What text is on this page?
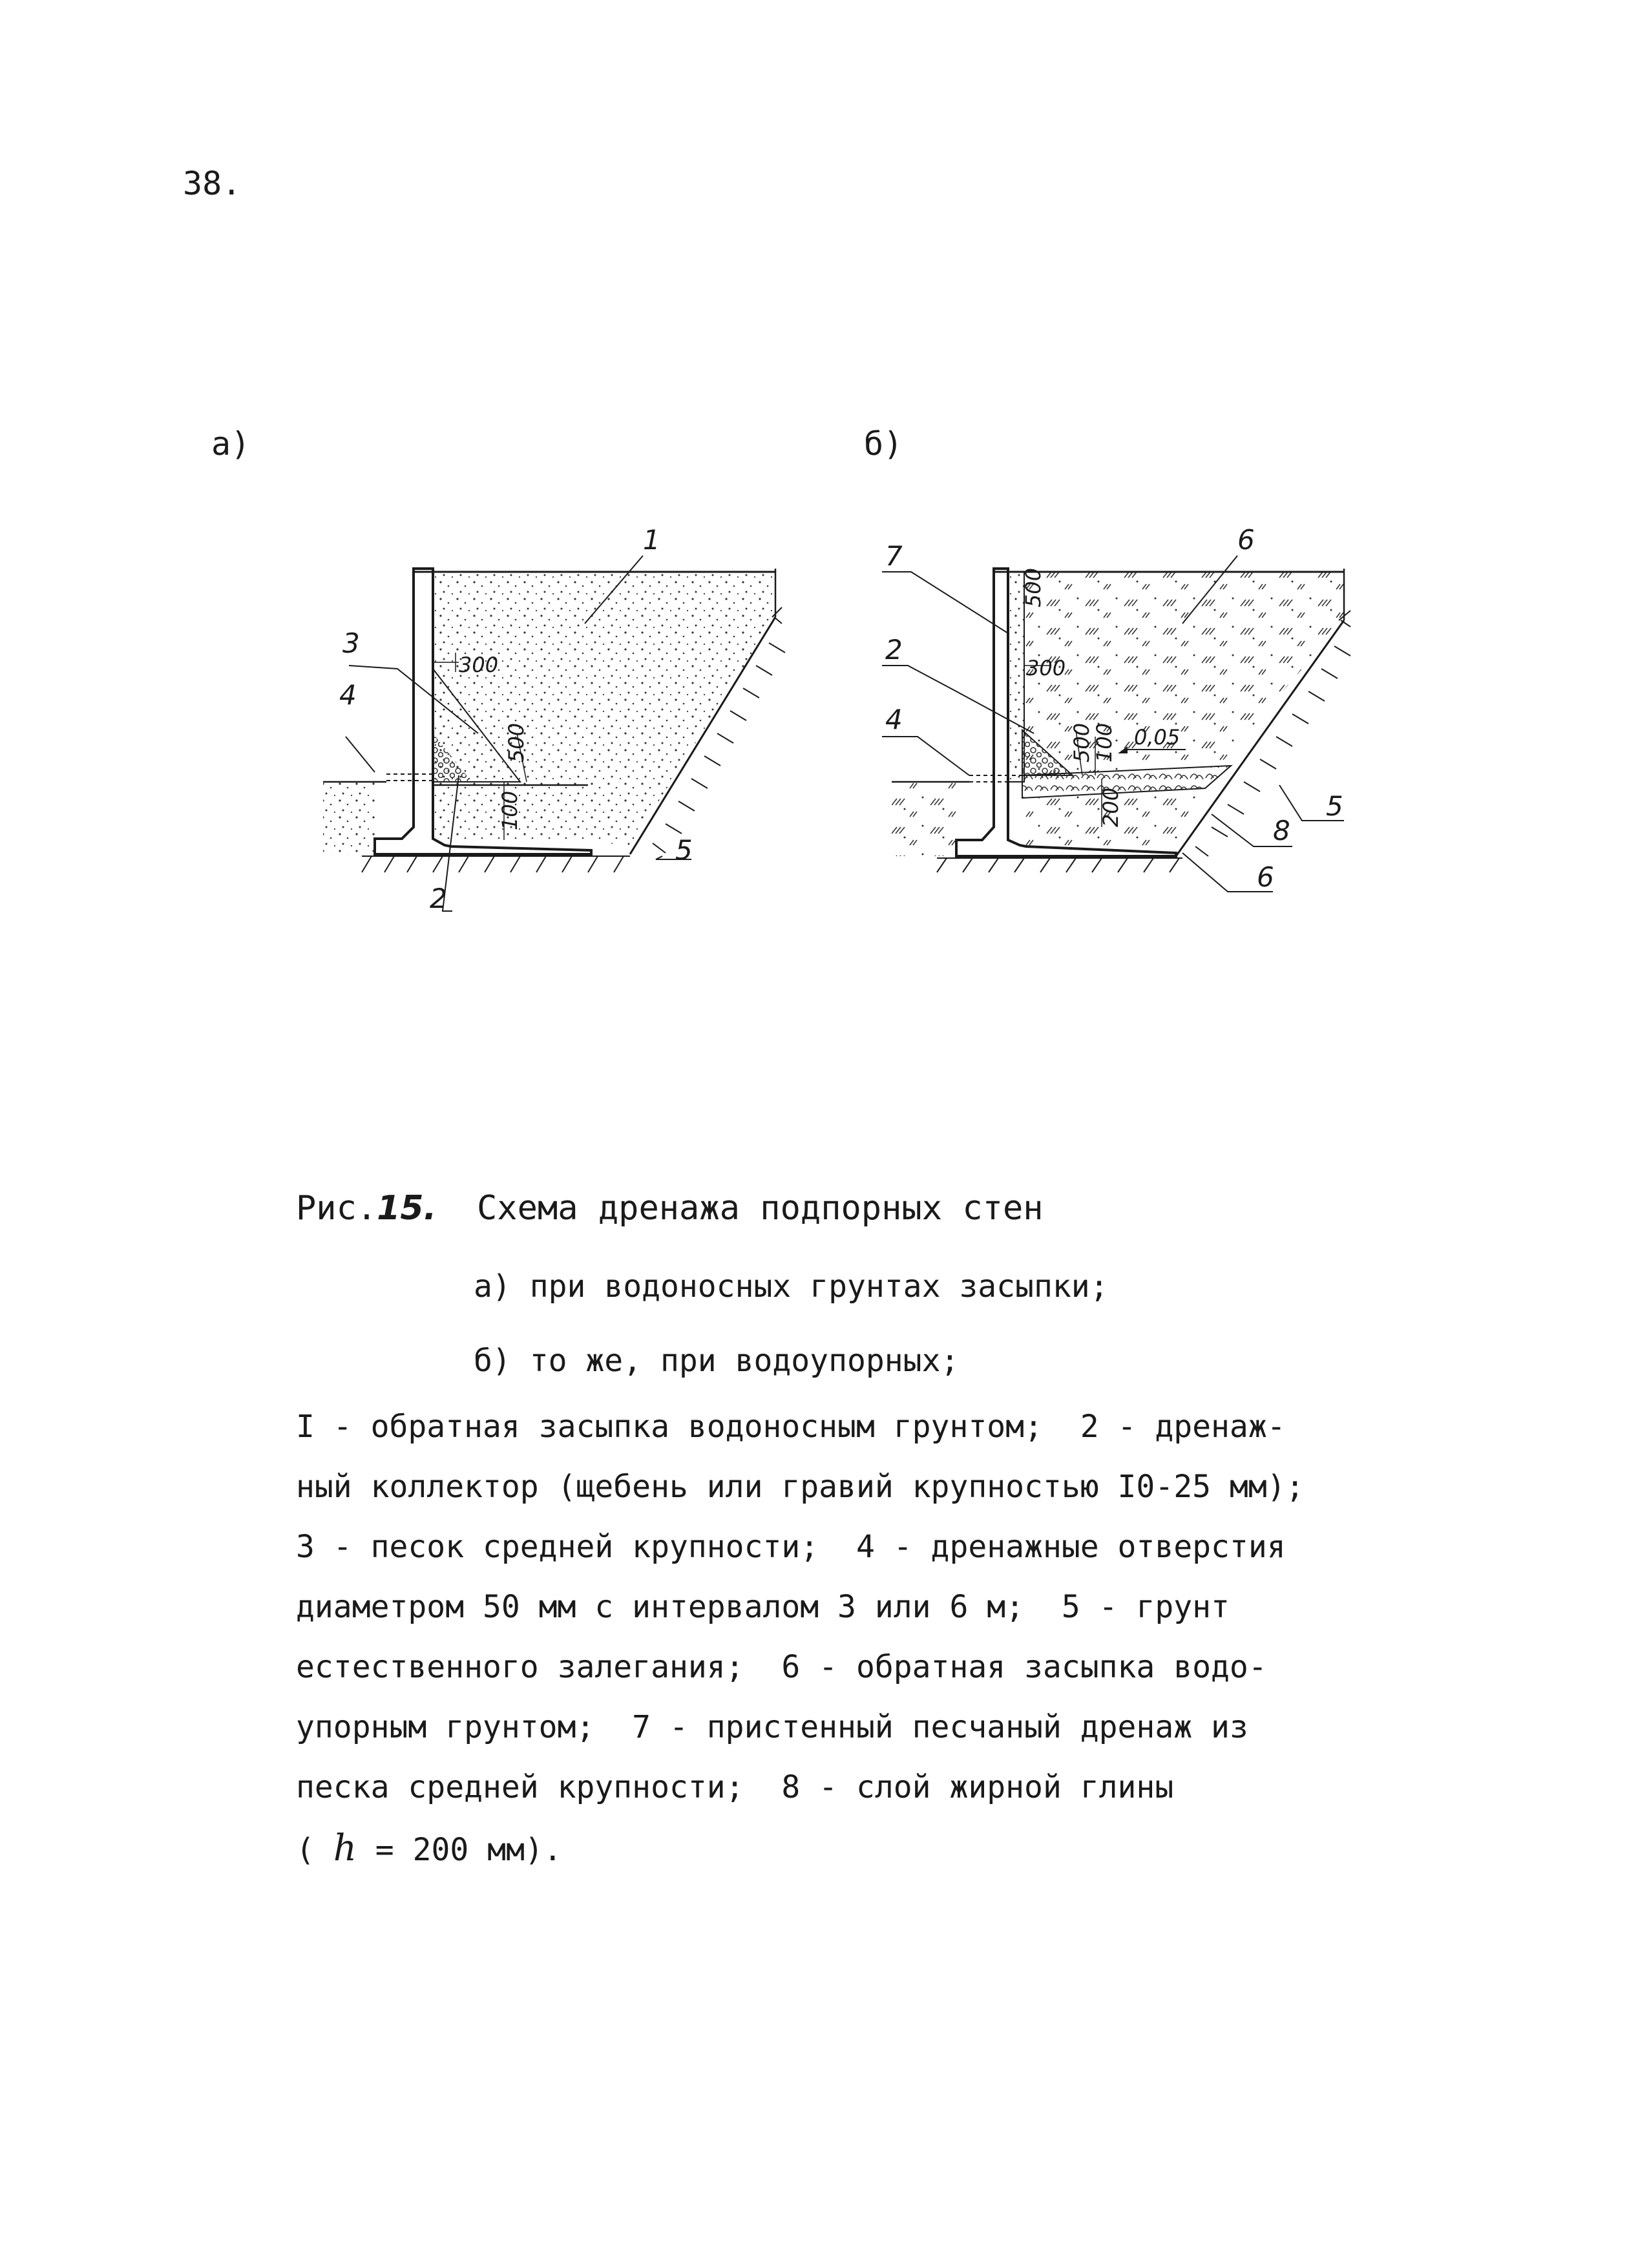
38.
а)	б)
300
500
100
1
3
4
5
2
500
300
500
100
200
0,05
6
7
2
4
5
8
6
Рис.15. Схема дренажа подпорных стен
а) при водоносных грунтах засыпки;
б) то же, при водоупорных;
I - обратная засыпка водоносным грунтом;  2 - дренаж-
ный коллектор (щебень или гравий крупностью I0-25 мм);
3 - песок средней крупности;  4 - дренажные отверстия
диаметром 50 мм с интервалом 3 или 6 м;  5 - грунт
естественного залегания;  6 - обратная засыпка водо-
упорным грунтом;  7 - пристенный песчаный дренаж из
песка средней крупности;  8 - слой жирной глины
( h = 200 мм).
